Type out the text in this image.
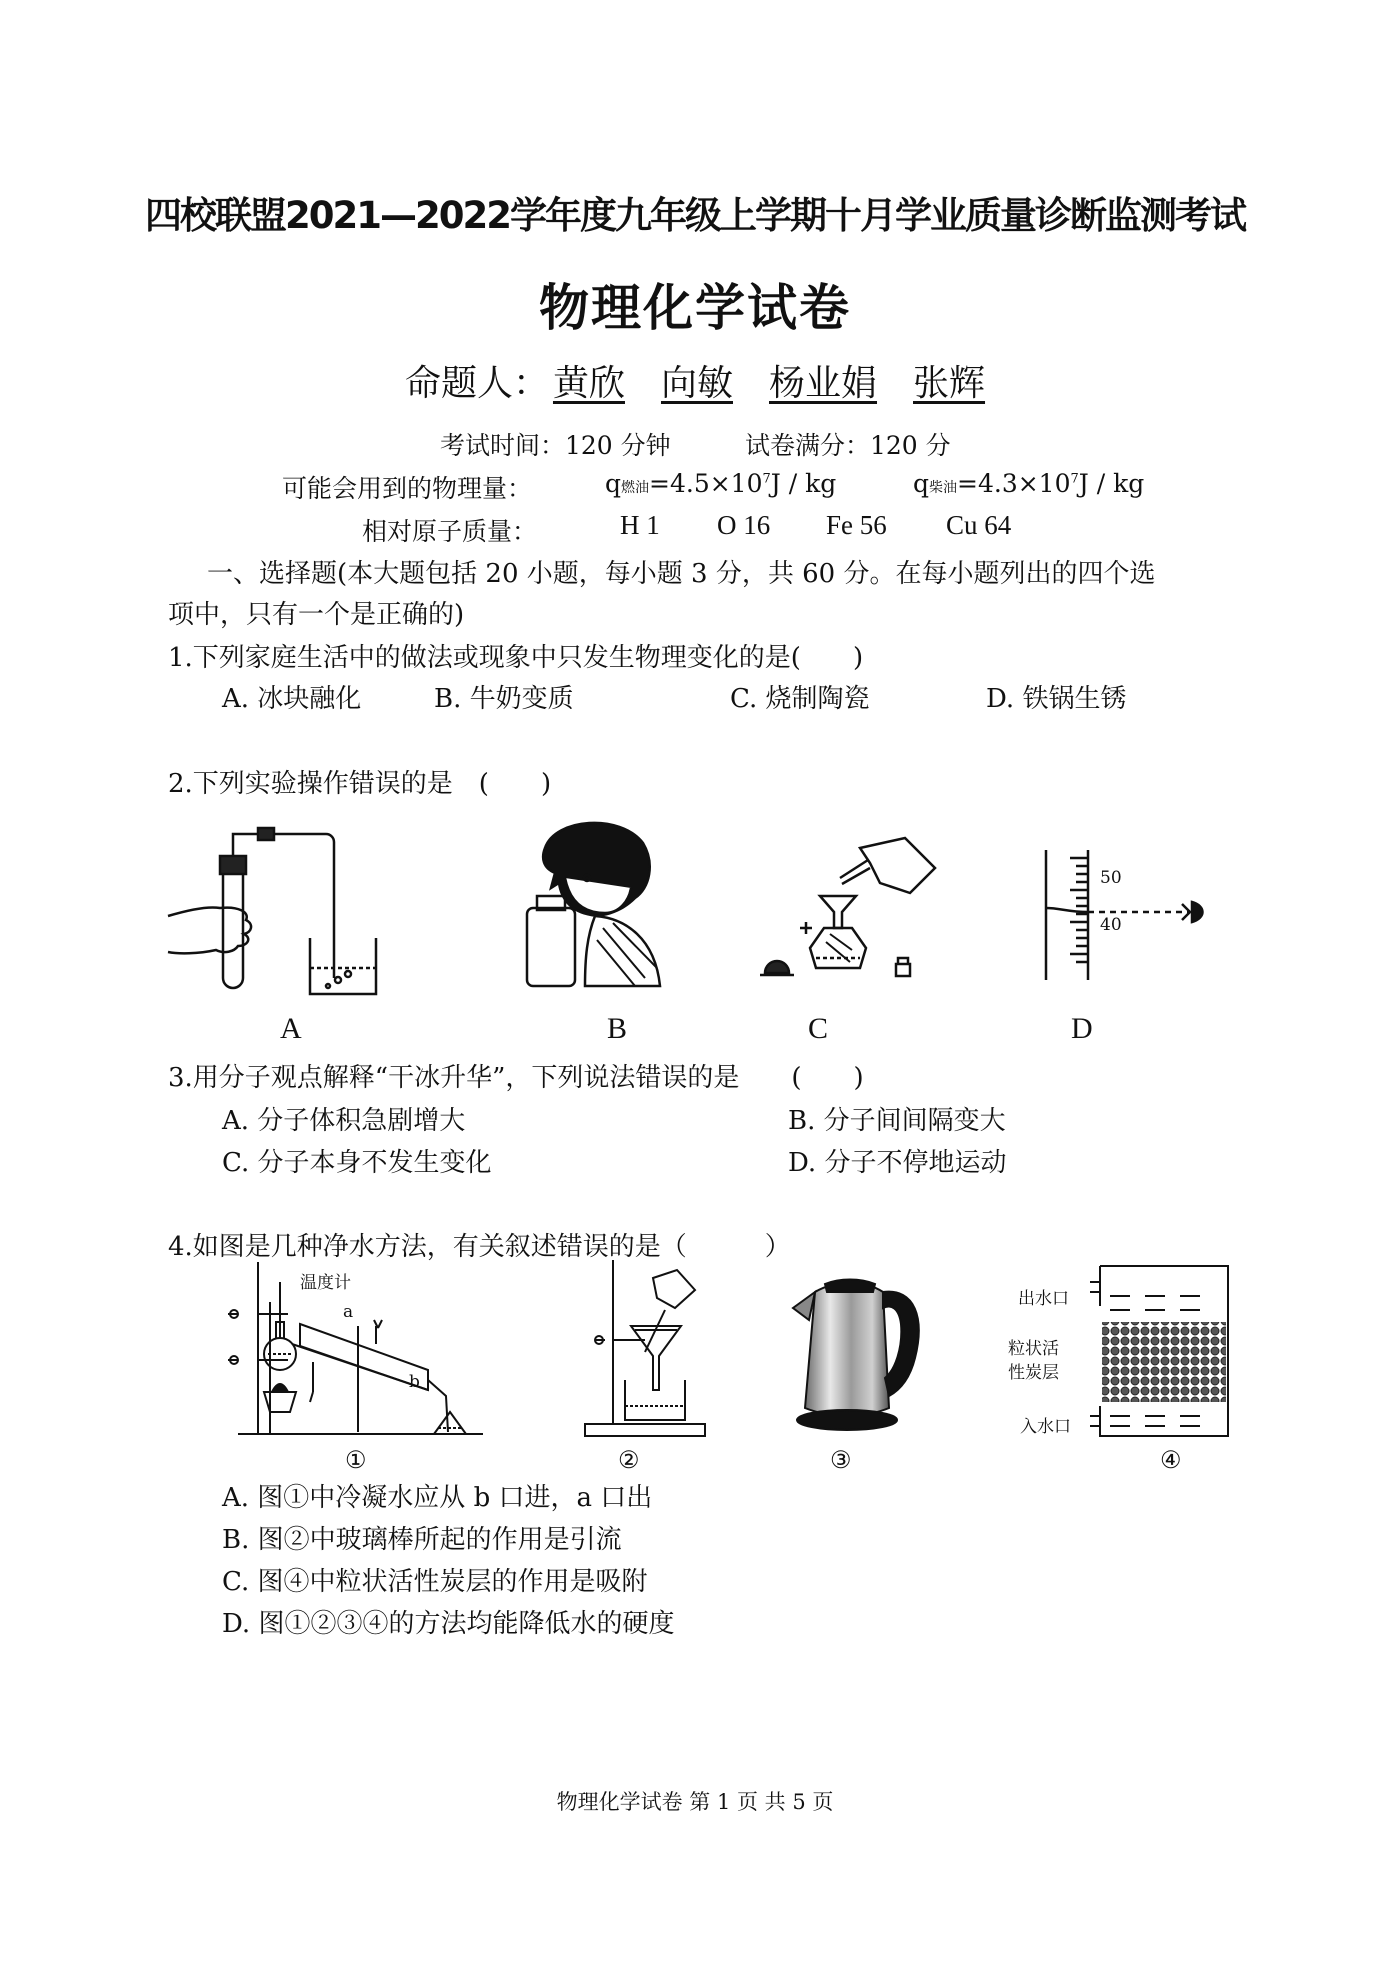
四校联盟2021—2022学年度九年级上学期十月学业质量诊断监测考试
物理化学试卷
命题人： 黄欣 向敏 杨业娟 张辉
考试时间：120 分钟	试卷满分：120 分
可能会用到的物理量：	q燃油$=4.5\times 10^7J$ / kg	q柴油$=4.3\times 10^7J$ / kg
相对原子质量：	H 1 O 16 Fe 56 Cu 64
一、选择题(本大题包括 20 小题，每小题 3 分，共 60 分。在每小题列出的四个选
项中，只有一个是正确的)
1.下列家庭生活中的做法或现象中只发生物理变化的是(　　)
A. 冰块融化	B. 牛奶变质	C. 烧制陶瓷	D. 铁锅生锈
2.下列实验操作错误的是　(　　)
A	B	C
50
40
D
3.用分子观点解释“干冰升华”，下列说法错误的是　　(　　)
A. 分子体积急剧增大	B. 分子间间隔变大
C. 分子本身不发生变化	D. 分子不停地运动
4.如图是几种净水方法，有关叙述错误的是（　　　）
温度计
a
b
①	②	③
出水口
粒状活
性炭层
入水口
④
A. 图①中冷凝水应从 b 口进，a 口出
B. 图②中玻璃棒所起的作用是引流
C. 图④中粒状活性炭层的作用是吸附
D. 图①②③④的方法均能降低水的硬度
物理化学试卷 第 1 页 共 5 页
